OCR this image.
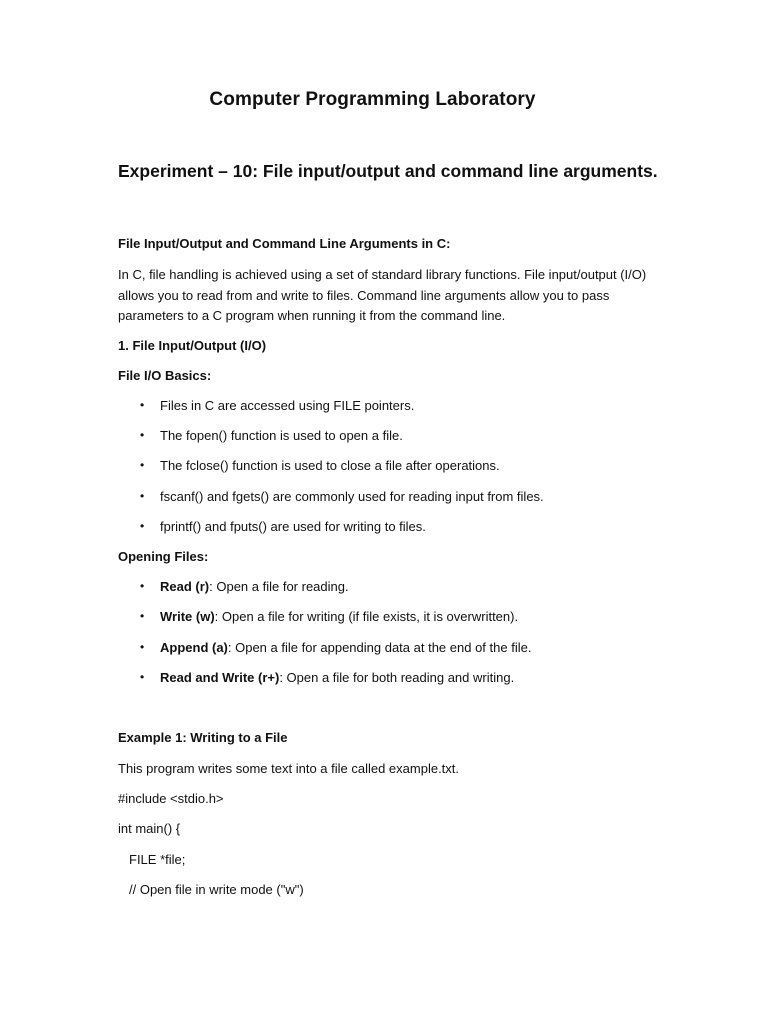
Computer Programming Laboratory
Experiment – 10: File input/output and command line arguments.
File Input/Output and Command Line Arguments in C:

In C, file handling is achieved using a set of standard library functions. File input/output (I/O) allows you to read from and write to files. Command line arguments allow you to pass parameters to a C program when running it from the command line.

1. File Input/Output (I/O)
File I/O Basics:
• Files in C are accessed using FILE pointers.
• The fopen() function is used to open a file.
• The fclose() function is used to close a file after operations.
• fscanf() and fgets() are commonly used for reading input from files.
• fprintf() and fputs() are used for writing to files.
Opening Files:
• Read (r): Open a file for reading.
• Write (w): Open a file for writing (if file exists, it is overwritten).
• Append (a): Open a file for appending data at the end of the file.
• Read and Write (r+): Open a file for both reading and writing.
Example 1: Writing to a File

This program writes some text into a file called example.txt.

#include <stdio.h>
int main() {
FILE *file;
// Open file in write mode ("w")
